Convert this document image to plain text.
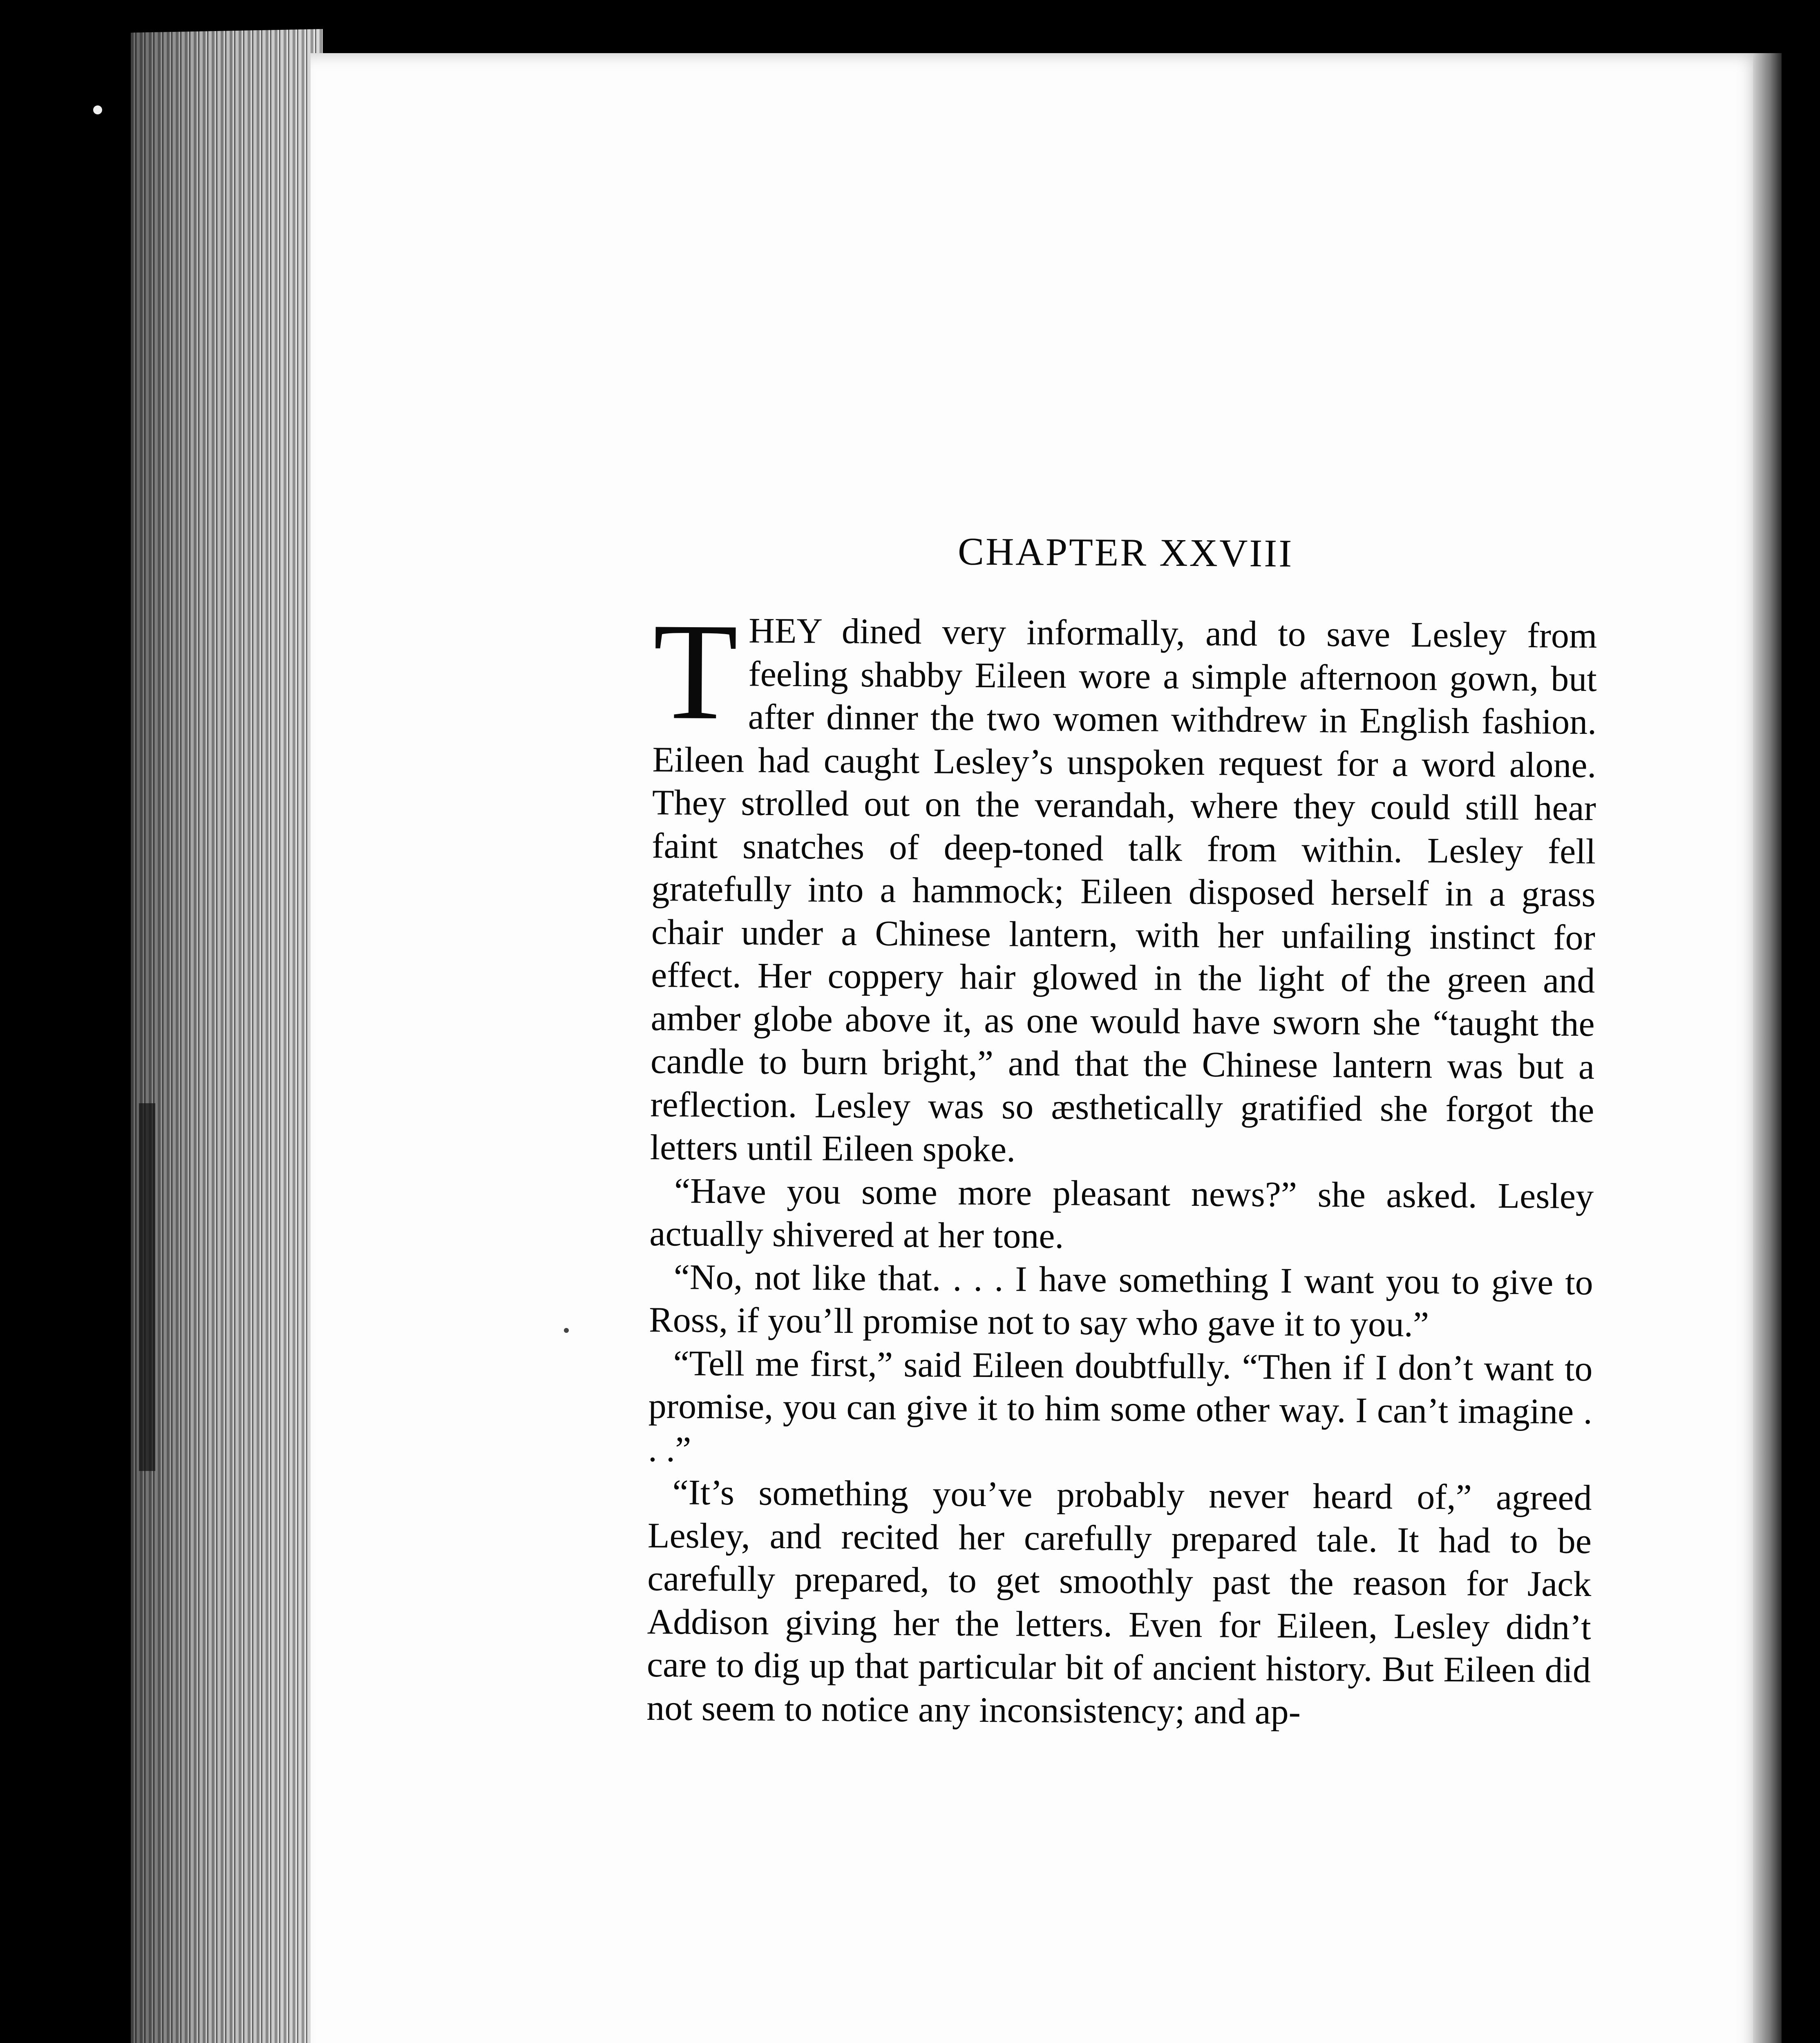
CHAPTER XXVIII

THEY dined very informally, and to save Lesley from feeling shabby Eileen wore a simple afternoon gown, but after dinner the two women withdrew in English fashion. Eileen had caught Lesley’s unspoken request for a word alone. They strolled out on the verandah, where they could still hear faint snatches of deep-toned talk from within. Lesley fell gratefully into a hammock; Eileen disposed herself in a grass chair under a Chinese lantern, with her unfailing instinct for effect. Her coppery hair glowed in the light of the green and amber globe above it, as one would have sworn she “taught the candle to burn bright,” and that the Chinese lantern was but a reflection. Lesley was so æsthetically gratified she forgot the letters until Eileen spoke.

“Have you some more pleasant news?” she asked. Lesley actually shivered at her tone.

“No, not like that. . . . I have something I want you to give to Ross, if you’ll promise not to say who gave it to you.”

“Tell me first,” said Eileen doubtfully. “Then if I don’t want to promise, you can give it to him some other way. I can’t imagine . . .”

“It’s something you’ve probably never heard of,” agreed Lesley, and recited her carefully prepared tale. It had to be carefully prepared, to get smoothly past the reason for Jack Addison giving her the letters. Even for Eileen, Lesley didn’t care to dig up that particular bit of ancient history. But Eileen did not seem to notice any inconsistency; and ap-
